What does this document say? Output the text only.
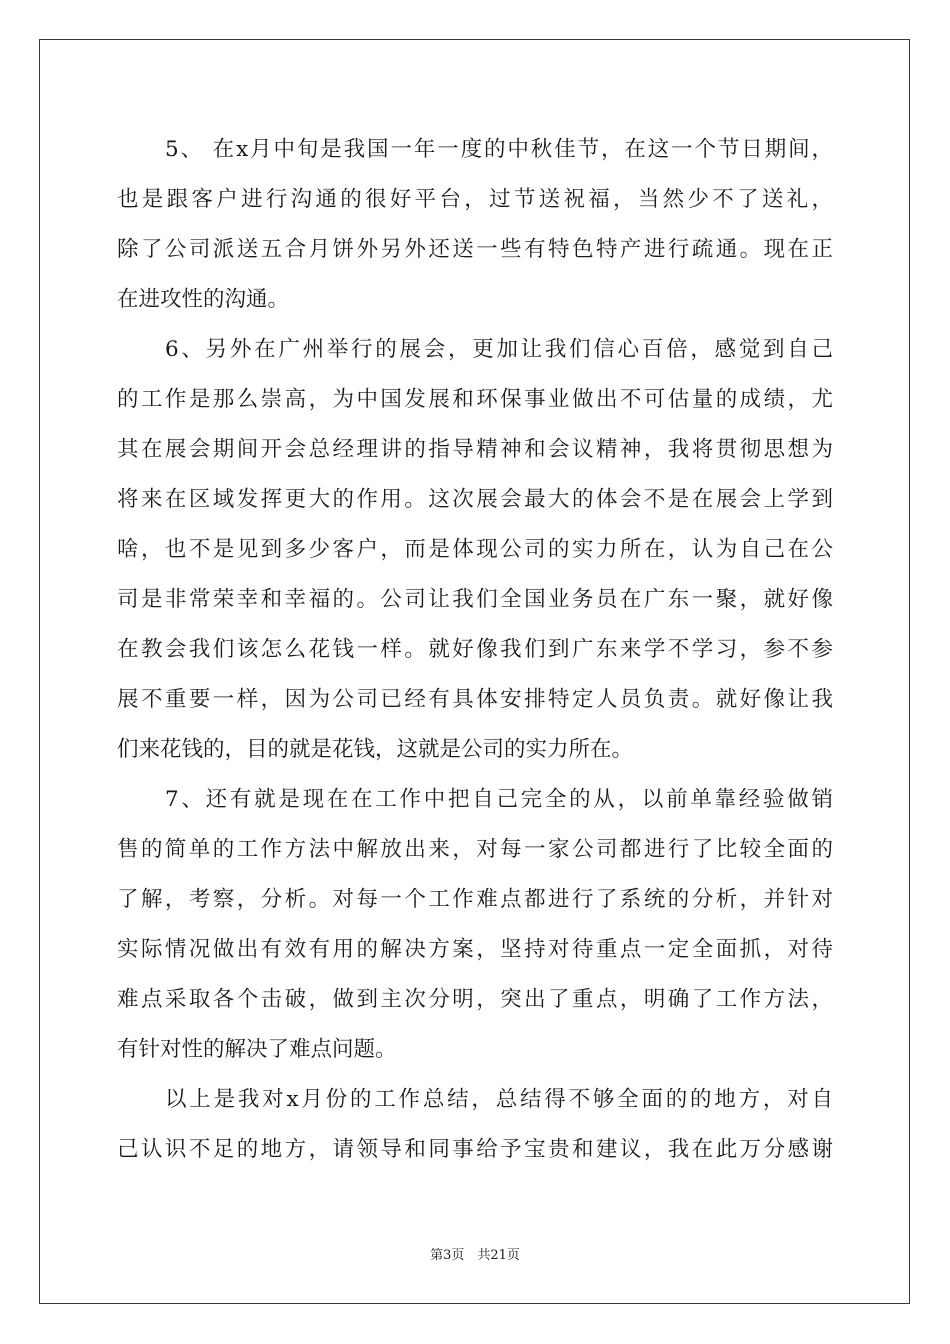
5、 在x月中旬是我国一年一度的中秋佳节，在这一个节日期间，
也是跟客户进行沟通的很好平台，过节送祝福，当然少不了送礼，
除了公司派送五合月饼外另外还送一些有特色特产进行疏通。现在正
在进攻性的沟通。
6、另外在广州举行的展会，更加让我们信心百倍，感觉到自己
的工作是那么崇高，为中国发展和环保事业做出不可估量的成绩，尤
其在展会期间开会总经理讲的指导精神和会议精神，我将贯彻思想为
将来在区域发挥更大的作用。这次展会最大的体会不是在展会上学到
啥，也不是见到多少客户，而是体现公司的实力所在，认为自己在公
司是非常荣幸和幸福的。公司让我们全国业务员在广东一聚，就好像
在教会我们该怎么花钱一样。就好像我们到广东来学不学习，参不参
展不重要一样，因为公司已经有具体安排特定人员负责。就好像让我
们来花钱的，目的就是花钱，这就是公司的实力所在。
7、还有就是现在在工作中把自己完全的从，以前单靠经验做销
售的简单的工作方法中解放出来，对每一家公司都进行了比较全面的
了解，考察，分析。对每一个工作难点都进行了系统的分析，并针对
实际情况做出有效有用的解决方案，坚持对待重点一定全面抓，对待
难点采取各个击破，做到主次分明，突出了重点，明确了工作方法，
有针对性的解决了难点问题。
以上是我对x月份的工作总结，总结得不够全面的的地方，对自
己认识不足的地方，请领导和同事给予宝贵和建议，我在此万分感谢
第3页　共21页
